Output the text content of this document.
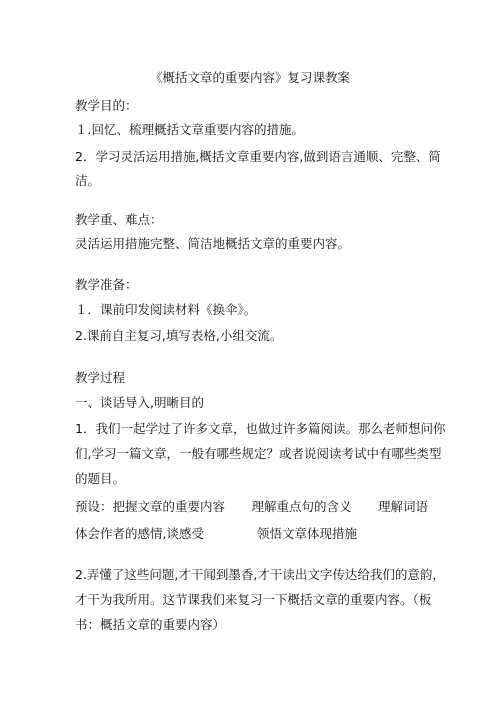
《概括文章的重要内容》复习课教案
教学目的：
１.回忆、梳理概括文章重要内容的措施。
2．学习灵活运用措施,概括文章重要内容,做到语言通顺、完整、简
洁。
教学重、难点：
灵活运用措施完整、简洁地概括文章的重要内容。
教学准备：
１．课前印发阅读材料《换伞》。
2.课前自主复习,填写表格,小组交流。
教学过程
一、谈话导入,明晰目的
1．我们一起学过了许多文章，也做过许多篇阅读。那么老师想问你
们,学习一篇文章，一般有哪些规定？或者说阅读考试中有哪些类型
的题目。
预设：把握文章的重要内容 理解重点句的含义 理解词语
体会作者的感情,谈感受	领悟文章体现措施
2.弄懂了这些问题,才干闻到墨香,才干读出文字传达给我们的意韵，
才干为我所用。这节课我们来复习一下概括文章的重要内容。（板
书：概括文章的重要内容）
